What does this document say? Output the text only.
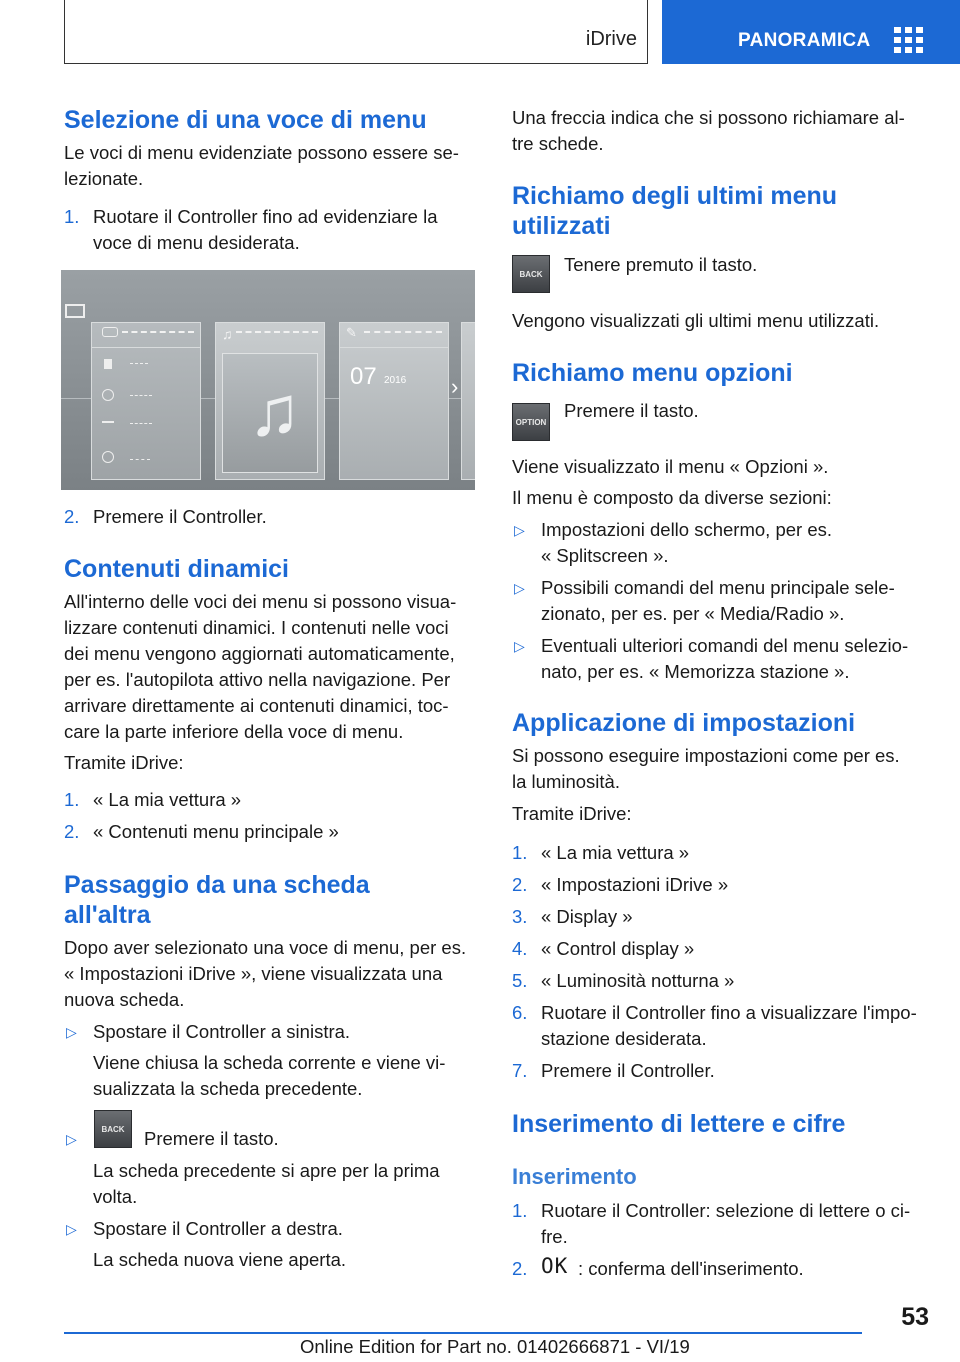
iDrive	PANORAMICA
Selezione di una voce di menu

Le voci di menu evidenziate possono essere se-

lezionate.

1. Ruotare il Controller fino ad evidenziare la

voce di menu desiderata.

♫
♫
✎
07 2016 ›
2. Premere il Controller.

Contenuti dinamici

All'interno delle voci dei menu si possono visua-

lizzare contenuti dinamici. I contenuti nelle voci

dei menu vengono aggiornati automaticamente,

per es. l'autopilota attivo nella navigazione. Per

arrivare direttamente ai contenuti dinamici, toc-

care la parte inferiore della voce di menu.

Tramite iDrive:

1. « La mia vettura »

2. « Contenuti menu principale »

Passaggio da una scheda
all'altra

Dopo aver selezionato una voce di menu, per es.

« Impostazioni iDrive », viene visualizzata una

nuova scheda.

▷ Spostare il Controller a sinistra.

Viene chiusa la scheda corrente e viene vi-

sualizzata la scheda precedente.

▷
BACK	Premere il tasto.

La scheda precedente si apre per la prima

volta.

▷ Spostare il Controller a destra.

La scheda nuova viene aperta.

Una freccia indica che si possono richiamare al-

tre schede.

Richiamo degli ultimi menu
utilizzati
BACK	Tenere premuto il tasto.

Vengono visualizzati gli ultimi menu utilizzati.

Richiamo menu opzioni
OPTION

Premere il tasto.

Viene visualizzato il menu « Opzioni ».

Il menu è composto da diverse sezioni:

▷ Impostazioni dello schermo, per es.

« Splitscreen ».

▷ Possibili comandi del menu principale sele-

zionato, per es. per « Media/Radio ».

▷ Eventuali ulteriori comandi del menu selezio-

nato, per es. « Memorizza stazione ».

Applicazione di impostazioni

Si possono eseguire impostazioni come per es.

la luminosità.

Tramite iDrive:

1. « La mia vettura »

2. « Impostazioni iDrive »

3. « Display »

4. « Control display »

5. « Luminosità notturna »

6. Ruotare il Controller fino a visualizzare l'impo-

stazione desiderata.

7. Premere il Controller.

Inserimento di lettere e cifre
Inserimento
1. Ruotare il Controller: selezione di lettere o ci-

fre.

2. OK : conferma dell'inserimento.

53
Online Edition for Part no. 01402666871 - VI/19
